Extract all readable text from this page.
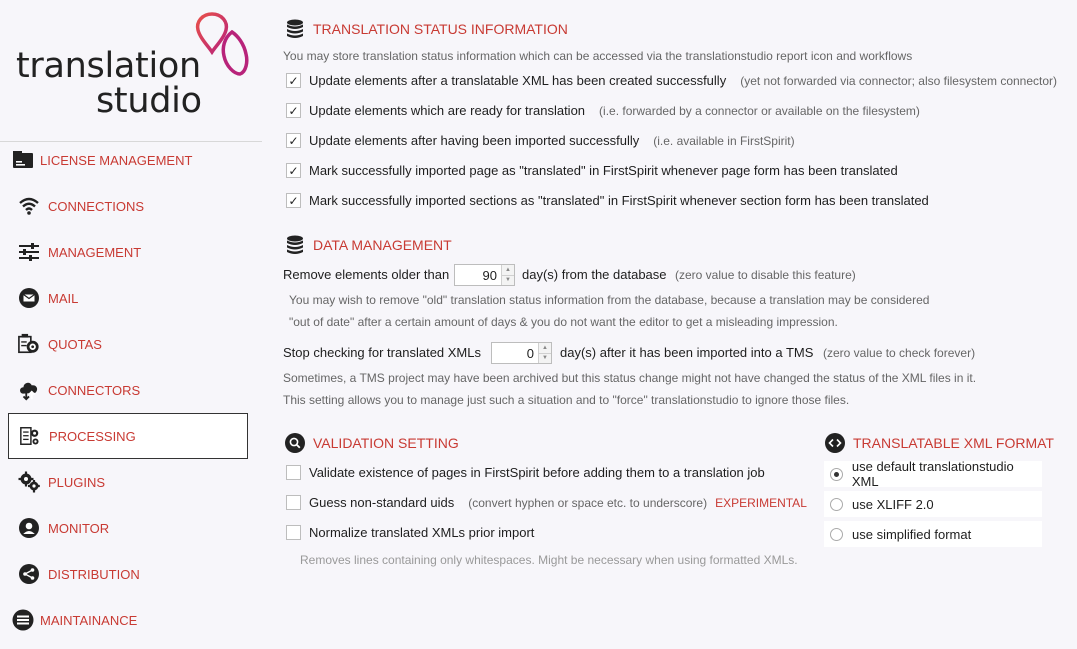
translation
studio
LICENSE MANAGEMENT
CONNECTIONS
MANAGEMENT
MAIL
QUOTAS
CONNECTORS
PROCESSING
PLUGINS
MONITOR
DISTRIBUTION
MAINTAINANCE
TRANSLATION STATUS INFORMATION
You may store translation status information which can be accessed via the translationstudio report icon and workflows
✓ Update elements after a translatable XML has been created successfully (yet not forwarded via connector; also filesystem connector)
✓ Update elements which are ready for translation (i.e. forwarded by a connector or available on the filesystem)
✓ Update elements after having been imported successfully (i.e. available in FirstSpirit)
✓ Mark successfully imported page as "translated" in FirstSpirit whenever page form has been translated
✓ Mark successfully imported sections as "translated" in FirstSpirit whenever section form has been translated
DATA MANAGEMENT
Remove elements older than	90	▲
▼ day(s) from the database (zero value to disable this feature)
You may wish to remove "old" translation status information from the database, because a translation may be considered
"out of date" after a certain amount of days & you do not want the editor to get a misleading impression.
Stop checking for translated XMLs	0	▲
▼ day(s) after it has been imported into a TMS (zero value to check forever)
Sometimes, a TMS project may have been archived but this status change might not have changed the status of the XML files in it.
This setting allows you to manage just such a situation and to "force" translationstudio to ignore those files.
VALIDATION SETTING
Validate existence of pages in FirstSpirit before adding them to a translation job
Guess non-standard uids (convert hyphen or space etc. to underscore) EXPERIMENTAL
Normalize translated XMLs prior import
Removes lines containing only whitespaces. Might be necessary when using formatted XMLs.
TRANSLATABLE XML FORMAT
use default translationstudio XML
use XLIFF 2.0
use simplified format
